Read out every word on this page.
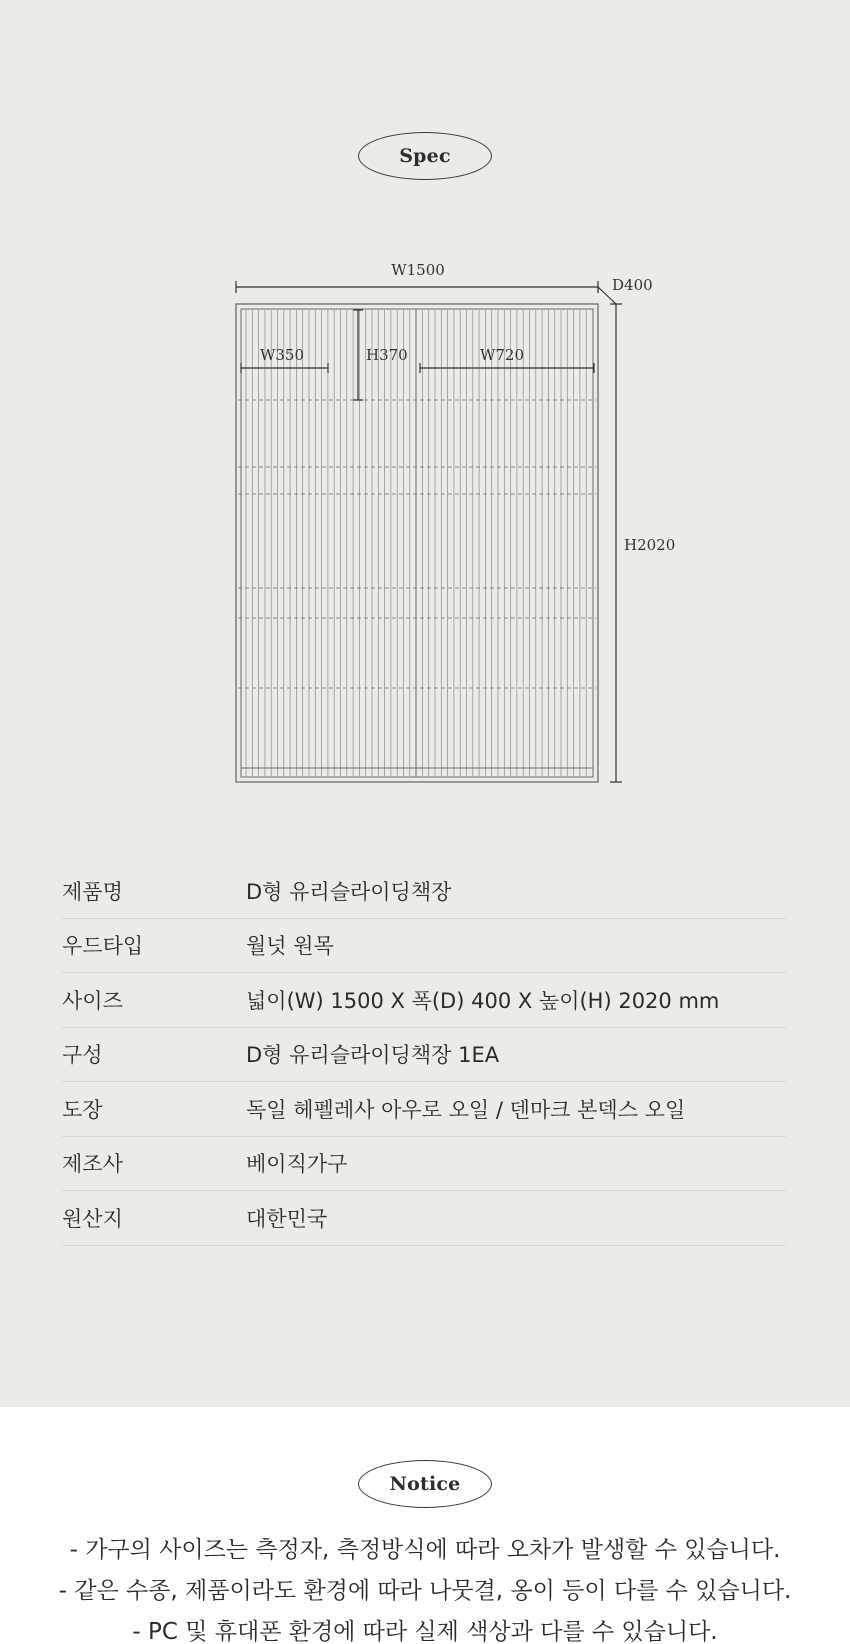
Spec
W1500
D400
H2020
W350	H370	W720
제품명	D형 유리슬라이딩책장
우드타입	월넛 원목
사이즈	넓이(W) 1500 X 폭(D) 400 X 높이(H) 2020 mm
구성	D형 유리슬라이딩책장 1EA
도장	독일 헤펠레사 아우로 오일 / 덴마크 본덱스 오일
제조사	베이직가구
원산지	대한민국
Notice
- 가구의 사이즈는 측정자, 측정방식에 따라 오차가 발생할 수 있습니다.
- 같은 수종, 제품이라도 환경에 따라 나뭇결, 옹이 등이 다를 수 있습니다.
- PC 및 휴대폰 환경에 따라 실제 색상과 다를 수 있습니다.
